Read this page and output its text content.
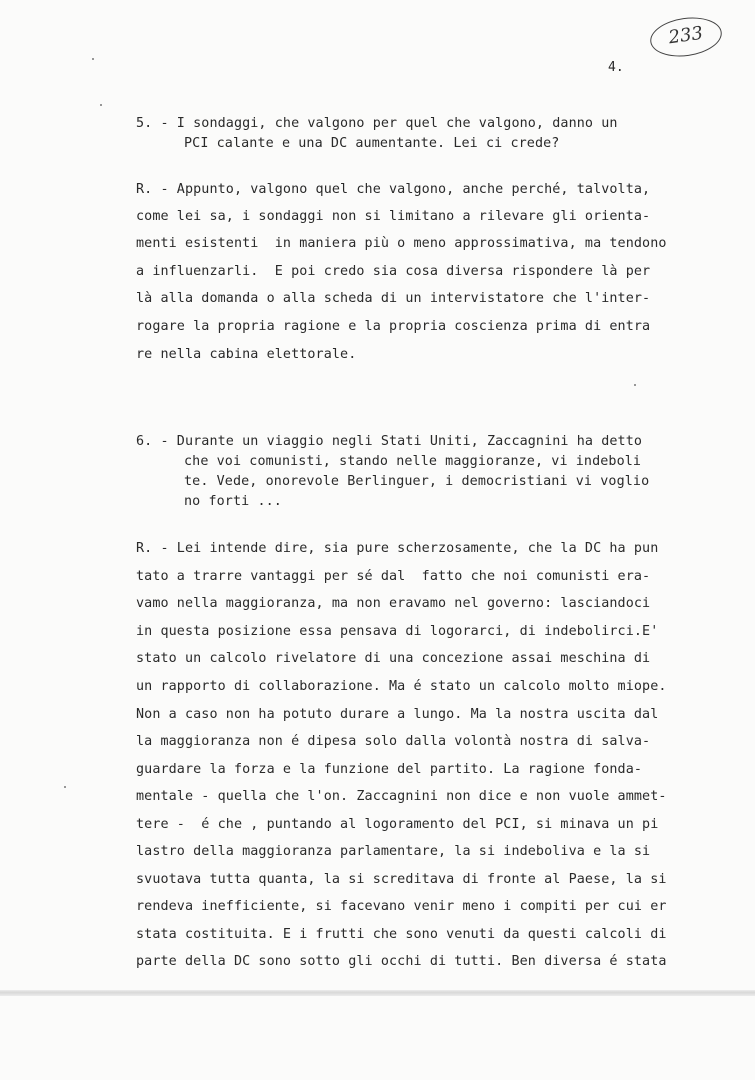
233
4.
5. - I sondaggi, che valgono per quel che valgono, danno un
PCI calante e una DC aumentante. Lei ci crede?
R. - Appunto, valgono quel che valgono, anche perché, talvolta,
come lei sa, i sondaggi non si limitano a rilevare gli orienta-
menti esistenti  in maniera più o meno approssimativa, ma tendono
a influenzarli.  E poi credo sia cosa diversa rispondere là per
là alla domanda o alla scheda di un intervistatore che l'inter-
rogare la propria ragione e la propria coscienza prima di entra
re nella cabina elettorale.
6. - Durante un viaggio negli Stati Uniti, Zaccagnini ha detto
che voi comunisti, stando nelle maggioranze, vi indeboli
te. Vede, onorevole Berlinguer, i democristiani vi voglio
no forti ...
R. - Lei intende dire, sia pure scherzosamente, che la DC ha pun
tato a trarre vantaggi per sé dal  fatto che noi comunisti era-
vamo nella maggioranza, ma non eravamo nel governo: lasciandoci
in questa posizione essa pensava di logorarci, di indebolirci.E'
stato un calcolo rivelatore di una concezione assai meschina di
un rapporto di collaborazione. Ma é stato un calcolo molto miope.
Non a caso non ha potuto durare a lungo. Ma la nostra uscita dal
la maggioranza non é dipesa solo dalla volontà nostra di salva-
guardare la forza e la funzione del partito. La ragione fonda-
mentale - quella che l'on. Zaccagnini non dice e non vuole ammet-
tere -  é che , puntando al logoramento del PCI, si minava un pi
lastro della maggioranza parlamentare, la si indeboliva e la si
svuotava tutta quanta, la si screditava di fronte al Paese, la si
rendeva inefficiente, si facevano venir meno i compiti per cui er
stata costituita. E i frutti che sono venuti da questi calcoli di
parte della DC sono sotto gli occhi di tutti. Ben diversa é stata
